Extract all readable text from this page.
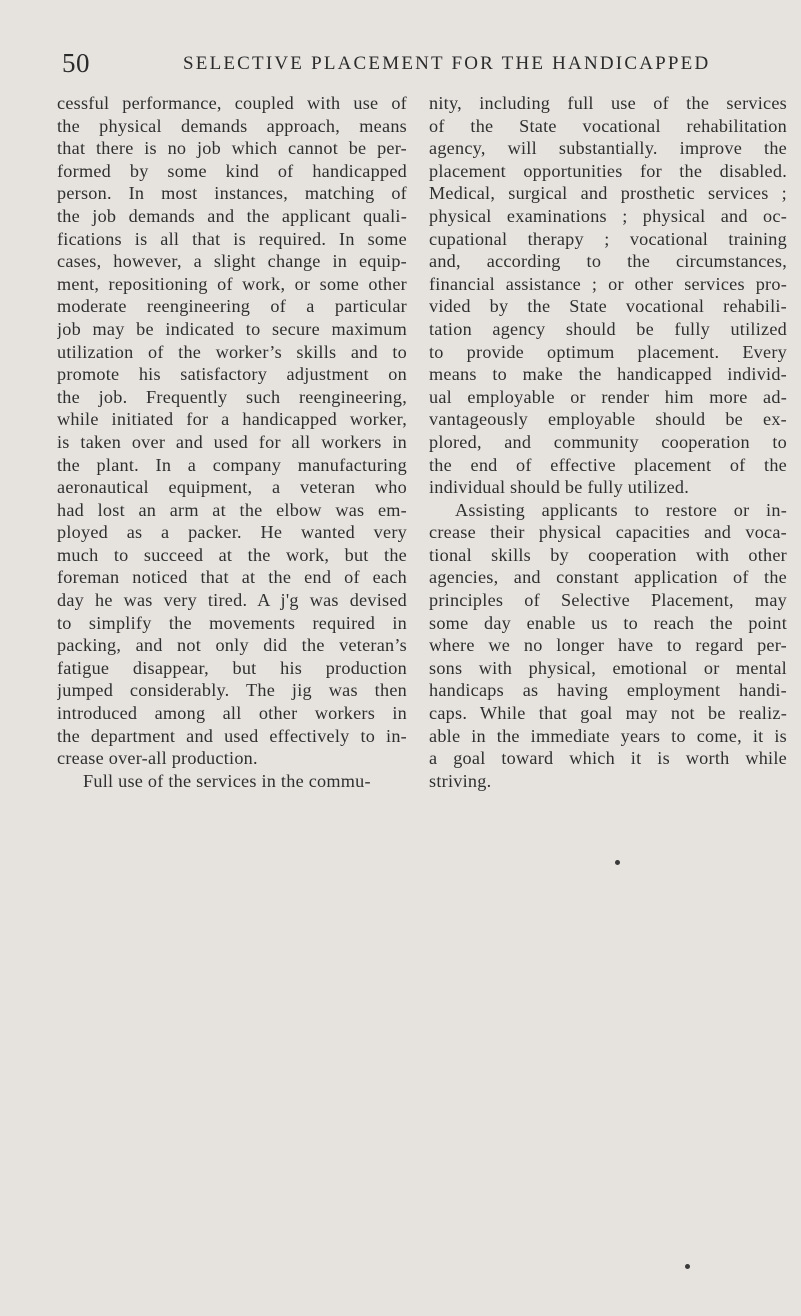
50	SELECTIVE PLACEMENT FOR THE HANDICAPPED
cessful performance, coupled with use of
the physical demands approach, means
that there is no job which cannot be per-
formed by some kind of handicapped
person. In most instances, matching of
the job demands and the applicant quali-
fications is all that is required. In some
cases, however, a slight change in equip-
ment, repositioning of work, or some other
moderate reengineering of a particular
job may be indicated to secure maximum
utilization of the worker’s skills and to
promote his satisfactory adjustment on
the job. Frequently such reengineering,
while initiated for a handicapped worker,
is taken over and used for all workers in
the plant. In a company manufacturing
aeronautical equipment, a veteran who
had lost an arm at the elbow was em-
ployed as a packer. He wanted very
much to succeed at the work, but the
foreman noticed that at the end of each
day he was very tired. A j'g was devised
to simplify the movements required in
packing, and not only did the veteran’s
fatigue disappear, but his production
jumped considerably. The jig was then
introduced among all other workers in
the department and used effectively to in-
crease over-all production.
Full use of the services in the commu-
nity, including full use of the services
of the State vocational rehabilitation
agency, will substantially. improve the
placement opportunities for the disabled.
Medical, surgical and prosthetic services ;
physical examinations ; physical and oc-
cupational therapy ; vocational training
and, according to the circumstances,
financial assistance ; or other services pro-
vided by the State vocational rehabili-
tation agency should be fully utilized
to provide optimum placement. Every
means to make the handicapped individ-
ual employable or render him more ad-
vantageously employable should be ex-
plored, and community cooperation to
the end of effective placement of the
individual should be fully utilized.
Assisting applicants to restore or in-
crease their physical capacities and voca-
tional skills by cooperation with other
agencies, and constant application of the
principles of Selective Placement, may
some day enable us to reach the point
where we no longer have to regard per-
sons with physical, emotional or mental
handicaps as having employment handi-
caps. While that goal may not be realiz-
able in the immediate years to come, it is
a goal toward which it is worth while
striving.
